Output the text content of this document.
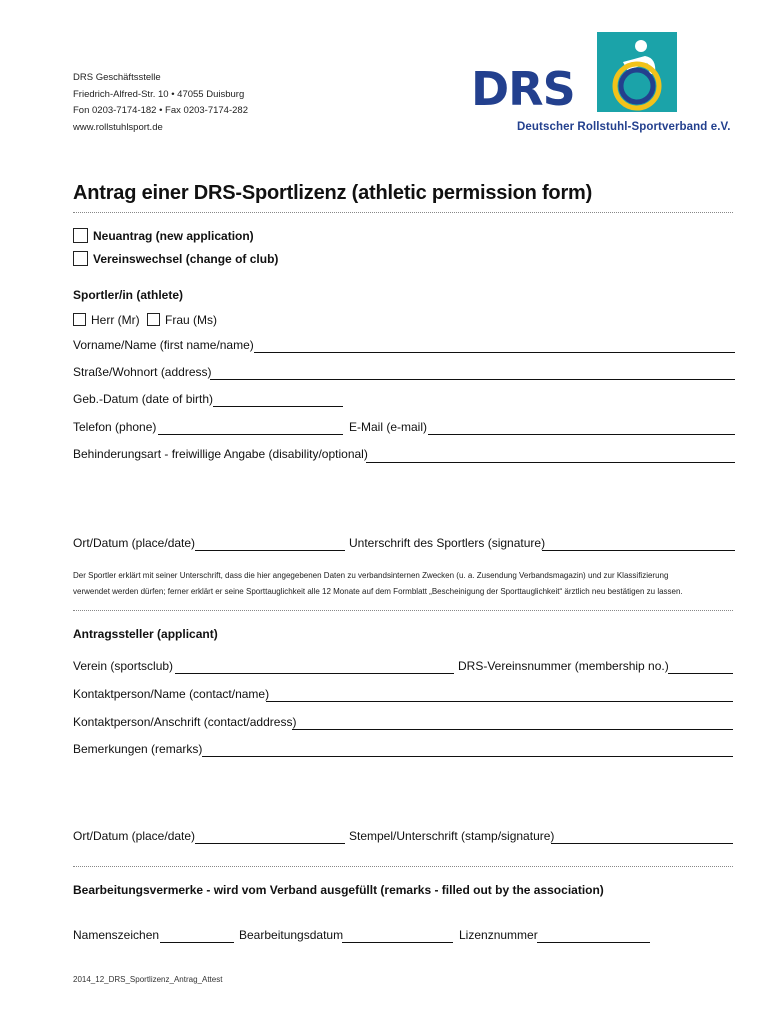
DRS Geschäftsstelle
Friedrich-Alfred-Str. 10 • 47055 Duisburg
Fon 0203-7174-182 • Fax 0203-7174-282
www.rollstuhlsport.de
DRS
Deutscher Rollstuhl-Sportverband e.V.
Antrag einer DRS-Sportlizenz (athletic permission form)
Neuantrag (new application)
Vereinswechsel (change of club)
Sportler/in (athlete)
Herr (Mr)	Frau (Ms)
Vorname/Name (first name/name)
Straße/Wohnort (address)
Geb.-Datum (date of birth)
Telefon (phone)	E-Mail (e-mail)
Behinderungsart - freiwillige Angabe (disability/optional)
Ort/Datum (place/date)	Unterschrift des Sportlers (signature)
Der Sportler erklärt mit seiner Unterschrift, dass die hier angegebenen Daten zu verbandsinternen Zwecken (u. a. Zusendung Verbandsmagazin) und zur Klassifizierung
verwendet werden dürfen; ferner erklärt er seine Sporttauglichkeit alle 12 Monate auf dem Formblatt „Bescheinigung der Sporttauglichkeit“ ärztlich neu bestätigen zu lassen.
Antragssteller (applicant)
Verein (sportsclub)	DRS-Vereinsnummer (membership no.)
Kontaktperson/Name (contact/name)
Kontaktperson/Anschrift (contact/address)
Bemerkungen (remarks)
Ort/Datum (place/date)	Stempel/Unterschrift (stamp/signature)
Bearbeitungsvermerke - wird vom Verband ausgefüllt (remarks - filled out by the association)
Namenszeichen	Bearbeitungsdatum	Lizenznummer
2014_12_DRS_Sportlizenz_Antrag_Attest
